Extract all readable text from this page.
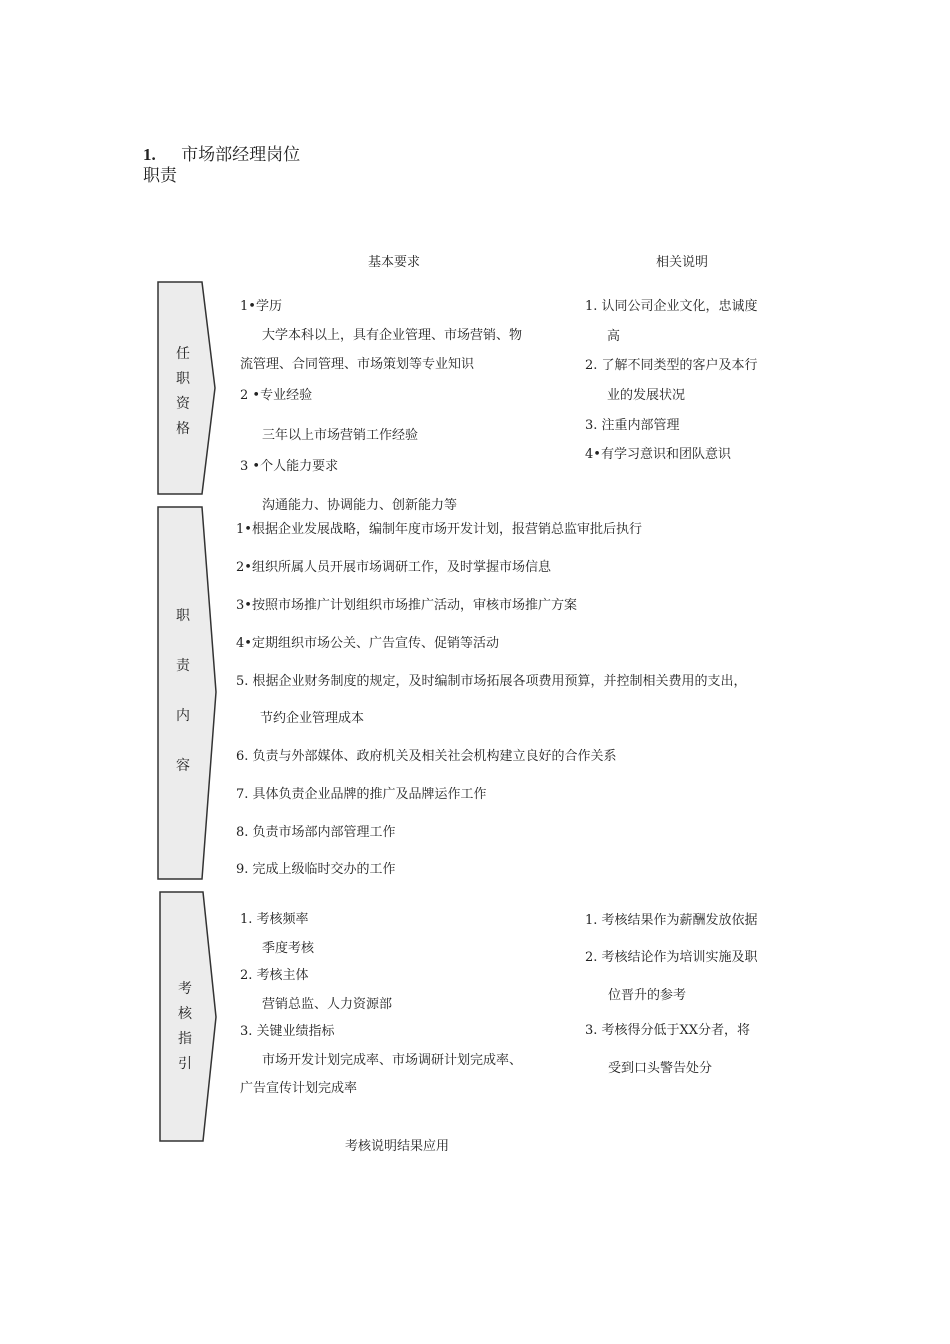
1. 市场部经理岗位
职责
基本要求	相关说明
任
职
资
格
1•学历
大学本科以上，具有企业管理、市场营销、物
流管理、合同管理、市场策划等专业知识
2 •专业经验
三年以上市场营销工作经验
3 •个人能力要求
沟通能力、协调能力、创新能力等
1. 认同公司企业文化，忠诚度
高
2. 了解不同类型的客户及本行
业的发展状况
3. 注重内部管理
4•有学习意识和团队意识
职
责
内
容
1•根据企业发展战略，编制年度市场开发计划，报营销总监审批后执行
2•组织所属人员开展市场调研工作，及时掌握市场信息
3•按照市场推广计划组织市场推广活动，审核市场推广方案
4•定期组织市场公关、广告宣传、促销等活动
5. 根据企业财务制度的规定，及时编制市场拓展各项费用预算，并控制相关费用的支出，
节约企业管理成本
6. 负责与外部媒体、政府机关及相关社会机构建立良好的合作关系
7. 具体负责企业品牌的推广及品牌运作工作
8. 负责市场部内部管理工作
9. 完成上级临时交办的工作
考
核
指
引
1. 考核频率
季度考核
2. 考核主体
营销总监、人力资源部
3. 关键业绩指标
市场开发计划完成率、市场调研计划完成率、
广告宣传计划完成率
1. 考核结果作为薪酬发放依据
2. 考核结论作为培训实施及职
位晋升的参考
3. 考核得分低于XX分者，将
受到口头警告处分
考核说明结果应用
